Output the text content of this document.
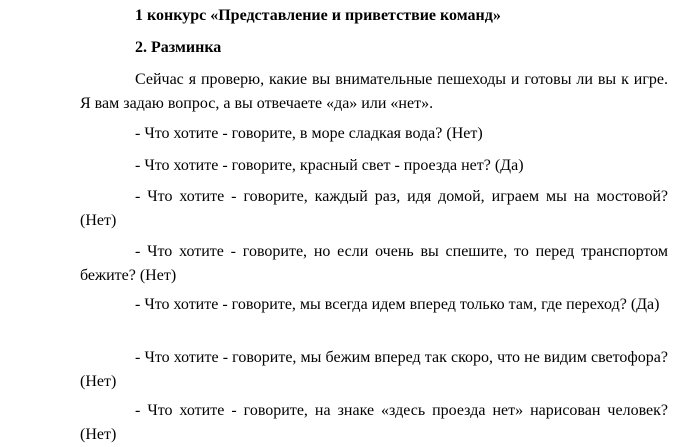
1 конкурс «Представление и приветствие команд»

2. Разминка

Сейчас я проверю, какие вы внимательные пешеходы и готовы ли вы к игре. Я вам задаю вопрос, а вы отвечаете «да» или «нет».

- Что хотите - говорите, в море сладкая вода? (Нет)

- Что хотите - говорите, красный свет - проезда нет? (Да)

- Что хотите - говорите, каждый раз, идя домой, играем мы на мостовой? (Нет)

- Что хотите - говорите, но если очень вы спешите, то перед транспортом бежите? (Нет)

- Что хотите - говорите, мы всегда идем вперед только там, где переход? (Да)

- Что хотите - говорите, мы бежим вперед так скоро, что не видим светофора? (Нет)

- Что хотите - говорите, на знаке «здесь проезда нет» нарисован человек? (Нет)
